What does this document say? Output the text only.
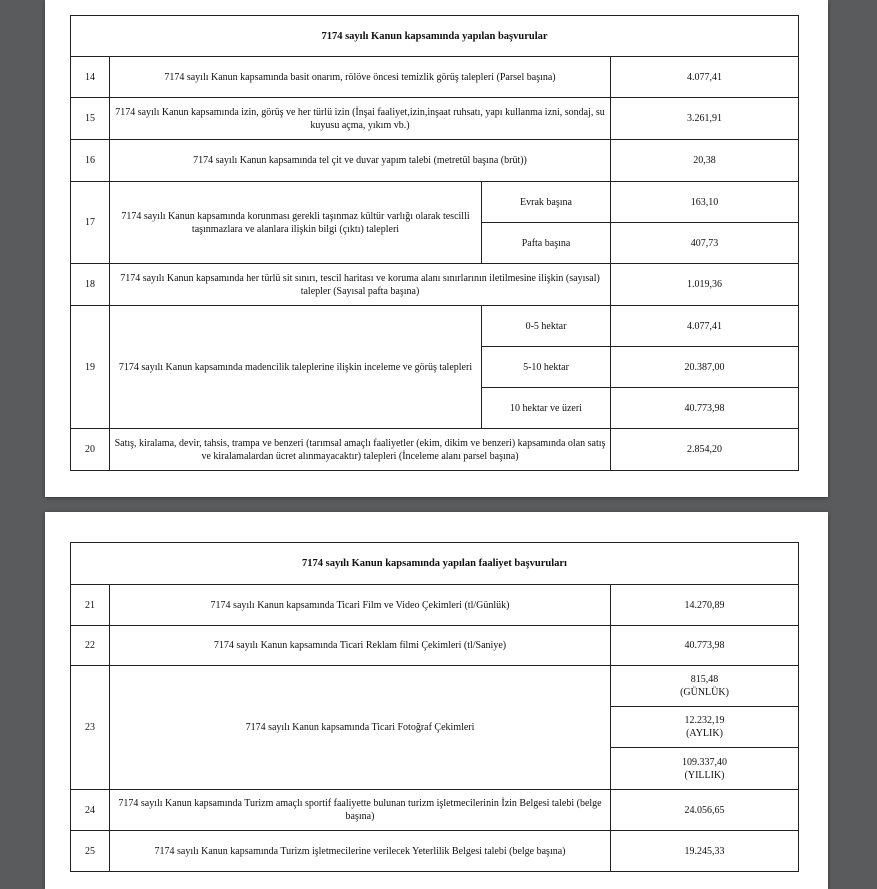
7174 sayılı Kanun kapsamında yapılan başvurular			
14	7174 sayılı Kanun kapsamında basit onarım, rölöve öncesi temizlik görüş talepleri (Parsel başına)		4.077,41
15	7174 sayılı Kanun kapsamında izin, görüş ve her türlü izin (İnşai faaliyet,izin,inşaat ruhsatı, yapı kullanma izni, sondaj, su kuyusu açma, yıkım vb.)		3.261,91
16	7174 sayılı Kanun kapsamında tel çit ve duvar yapım talebi (metretül başına (brüt))		20,38
17	7174 sayılı Kanun kapsamında korunması gerekli taşınmaz kültür varlığı olarak tescilli taşınmazlara ve alanlara ilişkin bilgi (çıktı) talepleri	Evrak başına	163,10
		Pafta başına	407,73
18	7174 sayılı Kanun kapsamında her türlü sit sınırı, tescil haritası ve koruma alanı sınırlarının iletilmesine ilişkin (sayısal) talepler (Sayısal pafta başına)		1.019,36
19	7174 sayılı Kanun kapsamında madencilik taleplerine ilişkin inceleme ve görüş talepleri	0-5 hektar	4.077,41
		5-10 hektar	20.387,00
		10 hektar ve üzeri	40.773,98
20	Satış, kiralama, devir, tahsis, trampa ve benzeri (tarımsal amaçlı faaliyetler (ekim, dikim ve benzeri) kapsamında olan satış ve kiralamalardan ücret alınmayacaktır) talepleri (İnceleme alanı parsel başına)		2.854,20
7174 sayılı Kanun kapsamında yapılan faaliyet başvuruları		
21	7174 sayılı Kanun kapsamında Ticari Film ve Video Çekimleri (tl/Günlük)	14.270,89
22	7174 sayılı Kanun kapsamında Ticari Reklam filmi Çekimleri (tl/Saniye)	40.773,98
23	7174 sayılı Kanun kapsamında Ticari Fotoğraf Çekimleri	815,48
(GÜNLÜK)

		12.232,19
(AYLIK)

		109.337,40
(YILLIK)

24	7174 sayılı Kanun kapsamında Turizm amaçlı sportif faaliyette bulunan turizm işletmecilerinin İzin Belgesi talebi (belge başına)	24.056,65
25	7174 sayılı Kanun kapsamında Turizm işletmecilerine verilecek Yeterlilik Belgesi talebi (belge başına)	19.245,33
